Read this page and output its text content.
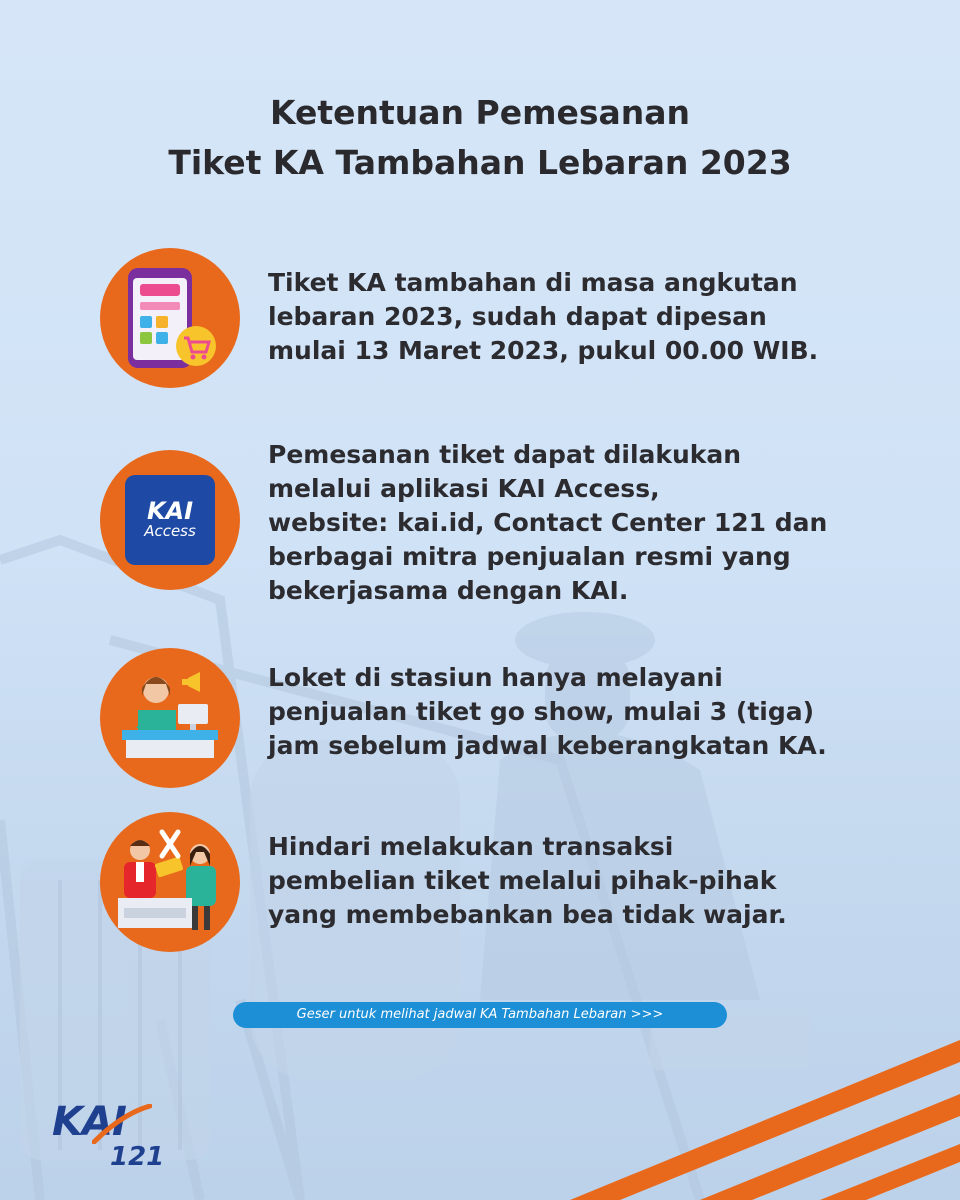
Ketentuan Pemesanan
Tiket KA Tambahan Lebaran 2023
Tiket KA tambahan di masa angkutan
lebaran 2023, sudah dapat dipesan
mulai 13 Maret 2023, pukul 00.00 WIB.
KAI
Access
Pemesanan tiket dapat dilakukan
melalui aplikasi KAI Access,
website: kai.id, Contact Center 121 dan
berbagai mitra penjualan resmi yang
bekerjasama dengan KAI.
Loket di stasiun hanya melayani
penjualan tiket go show, mulai 3 (tiga)
jam sebelum jadwal keberangkatan KA.
Hindari melakukan transaksi
pembelian tiket melalui pihak-pihak
yang membebankan bea tidak wajar.
Geser untuk melihat jadwal KA Tambahan Lebaran >>>
KAI
121
